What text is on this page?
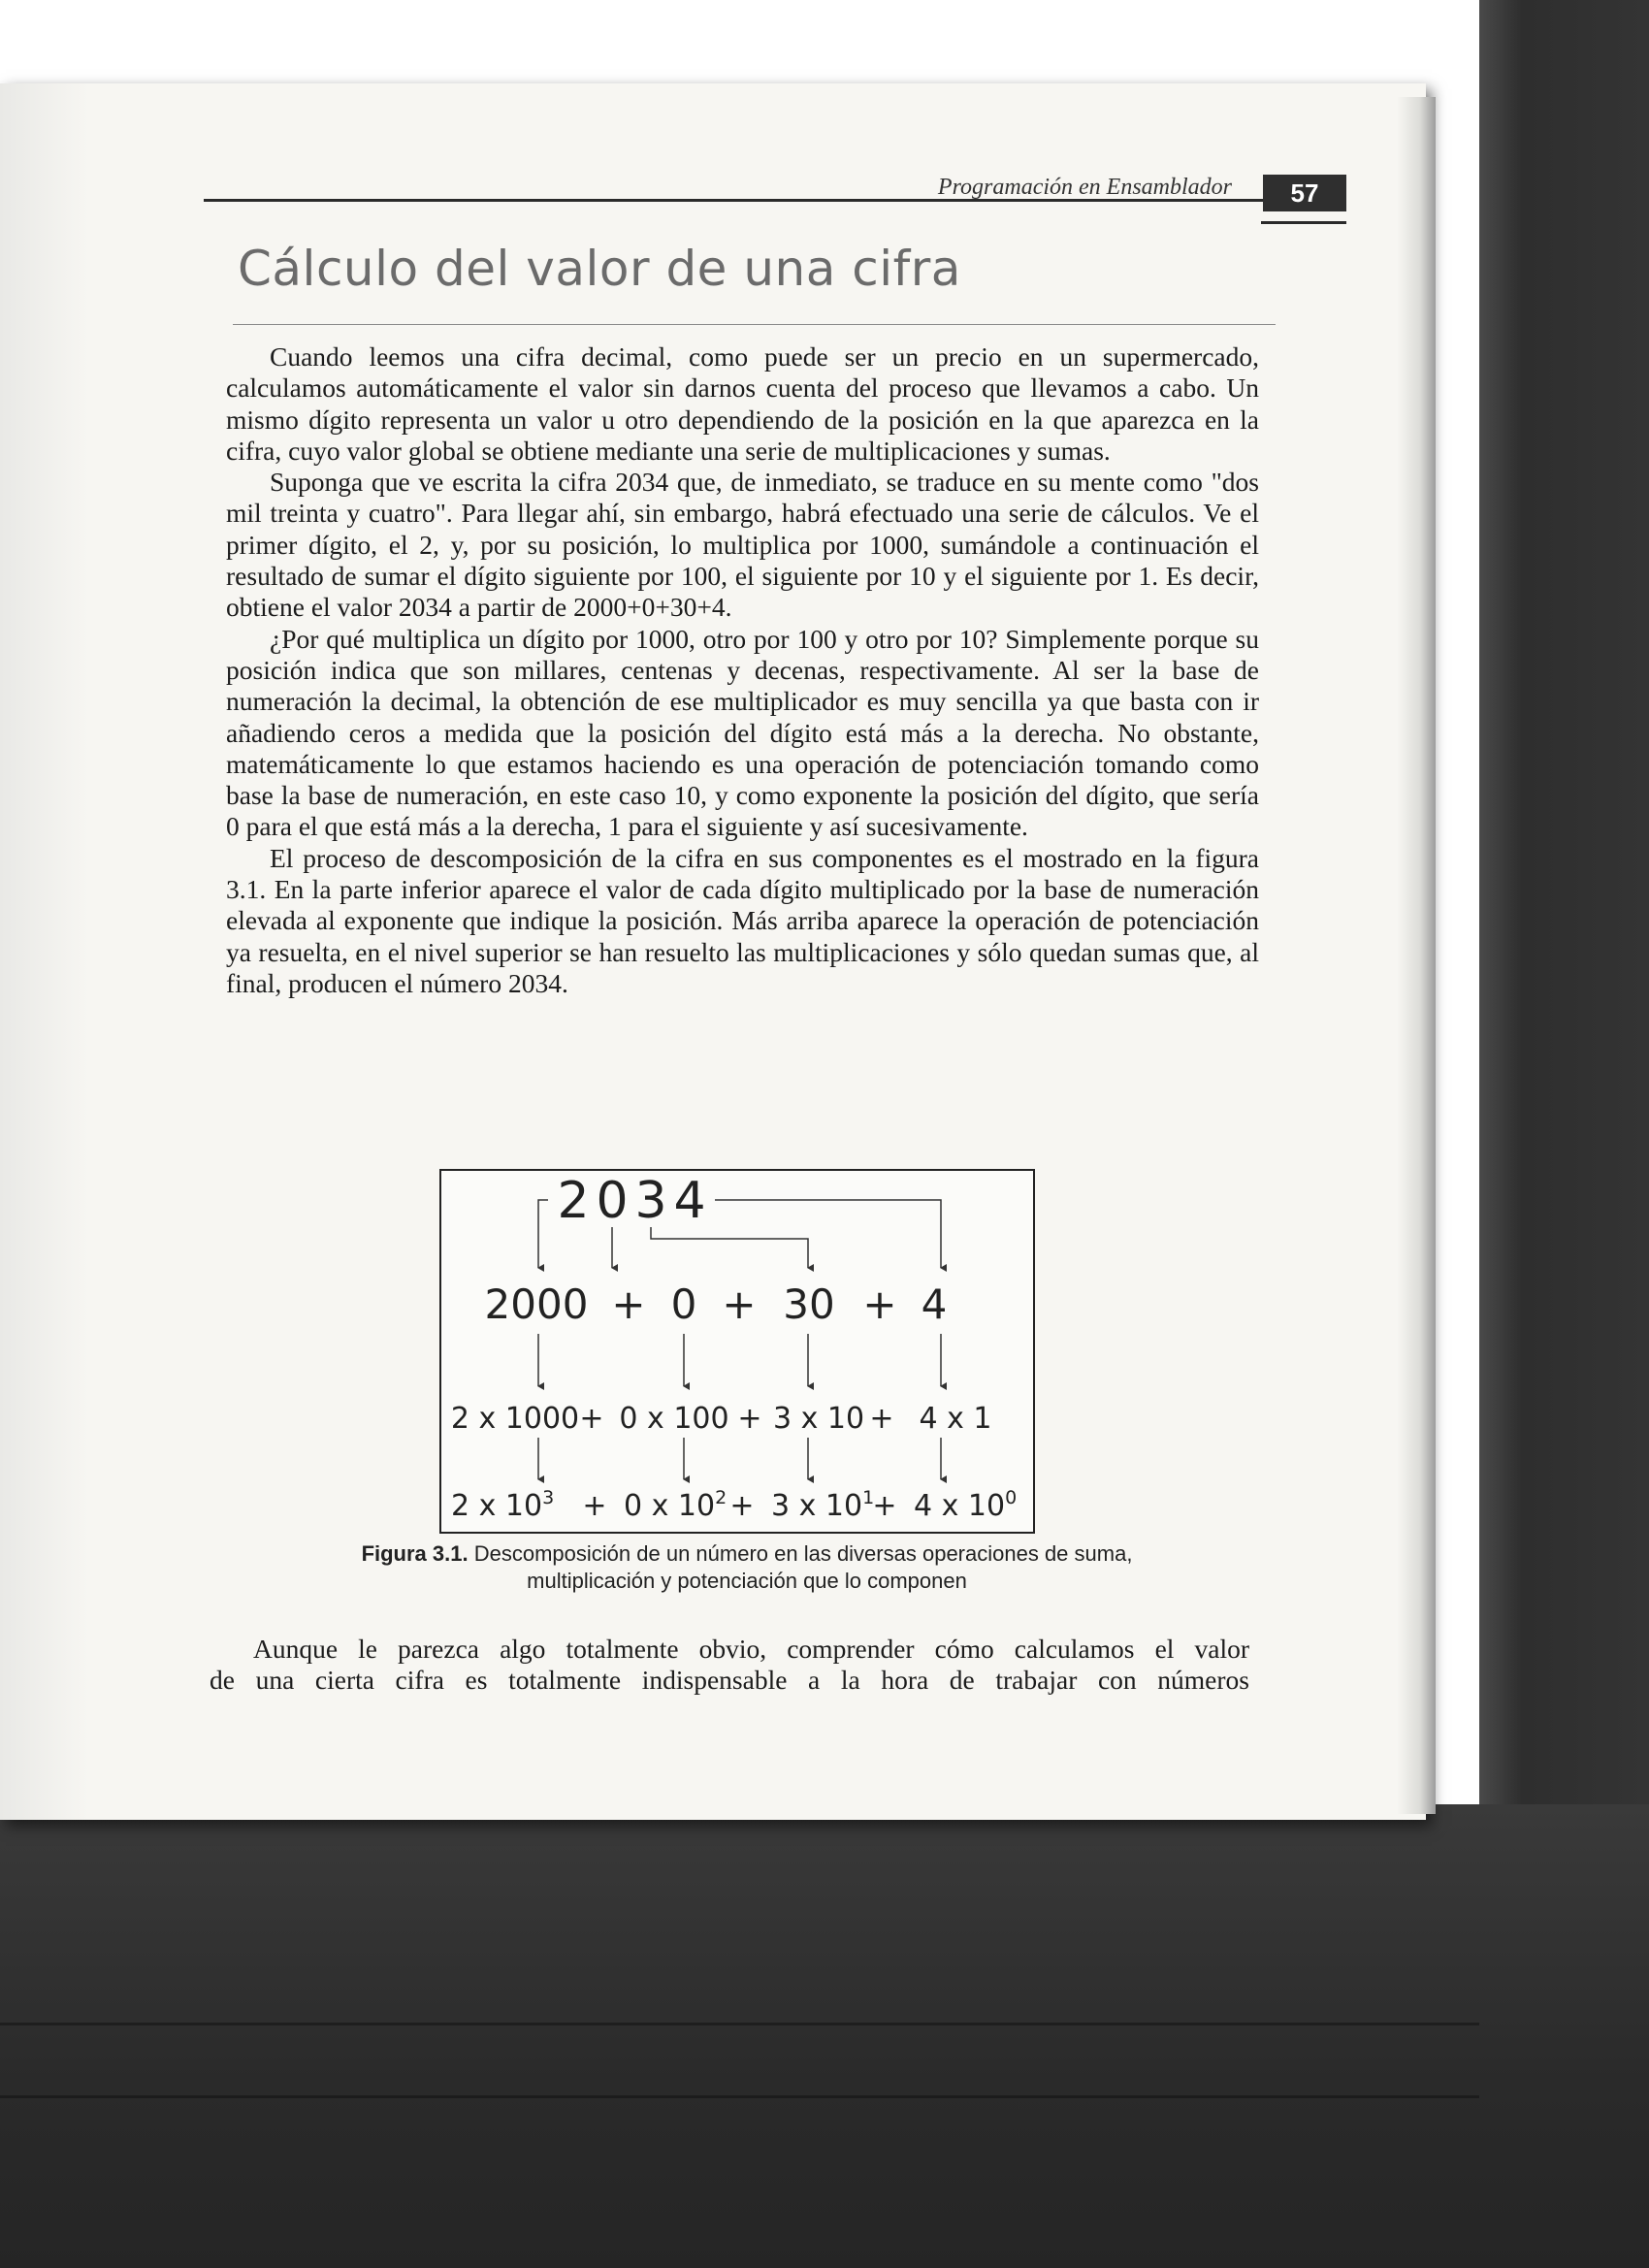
Programación en Ensamblador	57
Cálculo del valor de una cifra

Cuando leemos una cifra decimal, como puede ser un precio en un supermercado, calculamos automáticamente el valor sin darnos cuenta del proceso que llevamos a cabo. Un mismo dígito representa un valor u otro dependiendo de la posición en la que aparezca en la cifra, cuyo valor global se obtiene mediante una serie de multiplicaciones y sumas.

Suponga que ve escrita la cifra 2034 que, de inmediato, se traduce en su mente como "dos mil treinta y cuatro". Para llegar ahí, sin embargo, habrá efectuado una serie de cálculos. Ve el primer dígito, el 2, y, por su posición, lo multiplica por 1000, sumándole a continuación el resultado de sumar el dígito siguiente por 100, el siguiente por 10 y el siguiente por 1. Es decir, obtiene el valor 2034 a partir de 2000+0+30+4.

¿Por qué multiplica un dígito por 1000, otro por 100 y otro por 10? Simplemente porque su posición indica que son millares, centenas y decenas, respectivamente. Al ser la base de numeración la decimal, la obtención de ese multiplicador es muy sencilla ya que basta con ir añadiendo ceros a medida que la posición del dígito está más a la derecha. No obstante, matemáticamente lo que estamos haciendo es una operación de potenciación tomando como base la base de numeración, en este caso 10, y como exponente la posición del dígito, que sería 0 para el que está más a la derecha, 1 para el siguiente y así sucesivamente.

El proceso de descomposición de la cifra en sus componentes es el mostrado en la figura 3.1. En la parte inferior aparece el valor de cada dígito multiplicado por la base de numeración elevada al exponente que indique la posición. Más arriba aparece la operación de potenciación ya resuelta, en el nivel superior se han resuelto las multiplicaciones y sólo quedan sumas que, al final, producen el número 2034.

2 0 3 4
2000 + 0 + 30 + 4
2 x 1000 + 0 x 100 + 3 x 10 + 4 x 1
2 x $10^3 + 0$ x $10^2 + 3$ x $10^1$
+ 4 x $10^0$
Figura 3.1. Descomposición de un número en las diversas operaciones de suma,
multiplicación y potenciación que lo componen

Aunque le parezca algo totalmente obvio, comprender cómo calculamos el valor

de una cierta cifra es totalmente indispensable a la hora de trabajar con números
